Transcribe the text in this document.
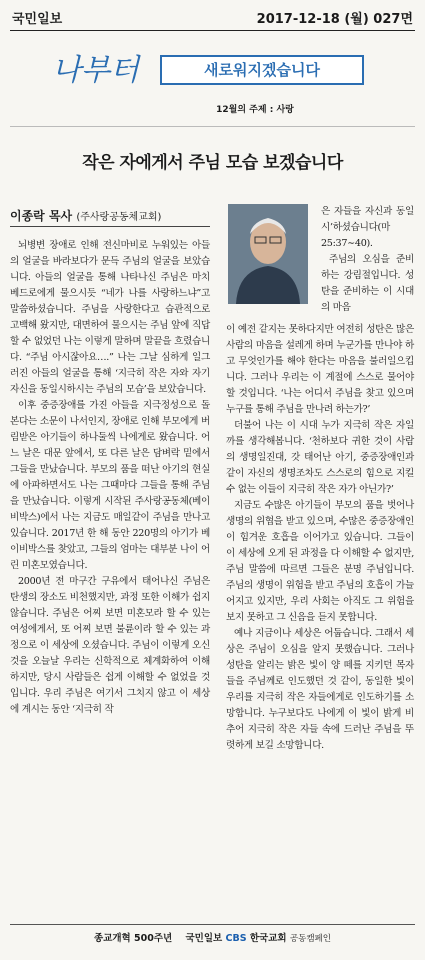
국민일보	2017-12-18 (월) 027면
나부터	새로워지겠습니다
12월의 주제 : 사랑
작은 자에게서 주님 모습 보겠습니다
이종락 목사 (주사랑공동체교회)

뇌병변 장애로 인해 전신마비로 누워있는 아들의 얼굴을 바라보다가 문득 주님의 얼굴을 보았습니다. 아들의 얼굴을 통해 나타나신 주님은 마치 베드로에게 물으시듯 “네가 나를 사랑하느냐”고 말씀하셨습니다. 주님을 사랑한다고 습관적으로 고백해 왔지만, 대면하여 물으시는 주님 앞에 직답할 수 없었던 나는 이렇게 말하며 말끝을 흐렸습니다. “주님 아시잖아요….” 나는 그날 심하게 일그러진 아들의 얼굴을 통해 ‘지극히 작은 자와 자기 자신을 동일시하시는 주님의 모습’을 보았습니다.

이후 중증장애를 가진 아들을 지극정성으로 돌본다는 소문이 나서인지, 장애로 인해 부모에게 버림받은 아기들이 하나둘씩 나에게로 왔습니다. 어느 날은 대문 앞에서, 또 다른 날은 담벼락 밑에서 그들을 만났습니다. 부모의 품을 떠난 아기의 현실에 아파하면서도 나는 그때마다 그들을 통해 주님을 만났습니다. 이렇게 시작된 주사랑공동체(베이비박스)에서 나는 지금도 매일같이 주님을 만나고 있습니다. 2017년 한 해 동안 220명의 아기가 베이비박스를 찾았고, 그들의 엄마는 대부분 나이 어린 미혼모였습니다.

2000년 전 마구간 구유에서 태어나신 주님은 탄생의 장소도 비천했지만, 과정 또한 이해가 쉽지 않습니다. 주님은 어찌 보면 미혼모라 할 수 있는 여성에게서, 또 어찌 보면 불륜이라 할 수 있는 과정으로 이 세상에 오셨습니다. 주님이 이렇게 오신 것을 오늘날 우리는 신학적으로 체계화하여 이해하지만, 당시 사람들은 쉽게 이해할 수 없었을 것입니다. 우리 주님은 여기서 그치지 않고 이 세상에 계시는 동안 ‘지극히 작

은 자들을 자신과 동일시’하셨습니다(마 25:37∼40).

주님의 오심을 준비하는 강림절입니다. 성탄을 준비하는 이 시대의 마음

이 예전 같지는 못하다지만 여전히 성탄은 많은 사람의 마음을 설레게 하며 누군가를 만나야 하고 무엇인가를 해야 한다는 마음을 불러일으킵니다. 그러나 우리는 이 계절에 스스로 물어야 할 것입니다. ‘나는 어디서 주님을 찾고 있으며 누구를 통해 주님을 만나려 하는가?’

더불어 나는 이 시대 누가 지극히 작은 자일까를 생각해봅니다. ‘천하보다 귀한 것이 사람의 생명일진대, 갓 태어난 아기, 중증장애인과 같이 자신의 생명조차도 스스로의 힘으로 지킬 수 없는 이들이 지극히 작은 자가 아닌가?’

지금도 수많은 아기들이 부모의 품을 벗어나 생명의 위협을 받고 있으며, 수많은 중증장애인이 힘겨운 호흡을 이어가고 있습니다. 그들이 이 세상에 오게 된 과정을 다 이해할 수 없지만, 주님 말씀에 따르면 그들은 분명 주님입니다. 주님의 생명이 위험을 받고 주님의 호흡이 가늘어지고 있지만, 우리 사회는 아직도 그 위험을 보지 못하고 그 신음을 듣지 못합니다.

예나 지금이나 세상은 어둡습니다. 그래서 세상은 주님이 오심을 알지 못했습니다. 그러나 성탄을 알리는 밝은 빛이 양 떼를 지키던 목자들을 주님께로 인도했던 것 같이, 동일한 빛이 우리를 지극히 작은 자들에게로 인도하기를 소망합니다. 누구보다도 나에게 이 빛이 밝게 비추어 지극히 작은 자들 속에 드러난 주님을 뚜렷하게 보길 소망합니다.

종교개혁 500주년 국민일보 CBS 한국교회 공동캠페인
